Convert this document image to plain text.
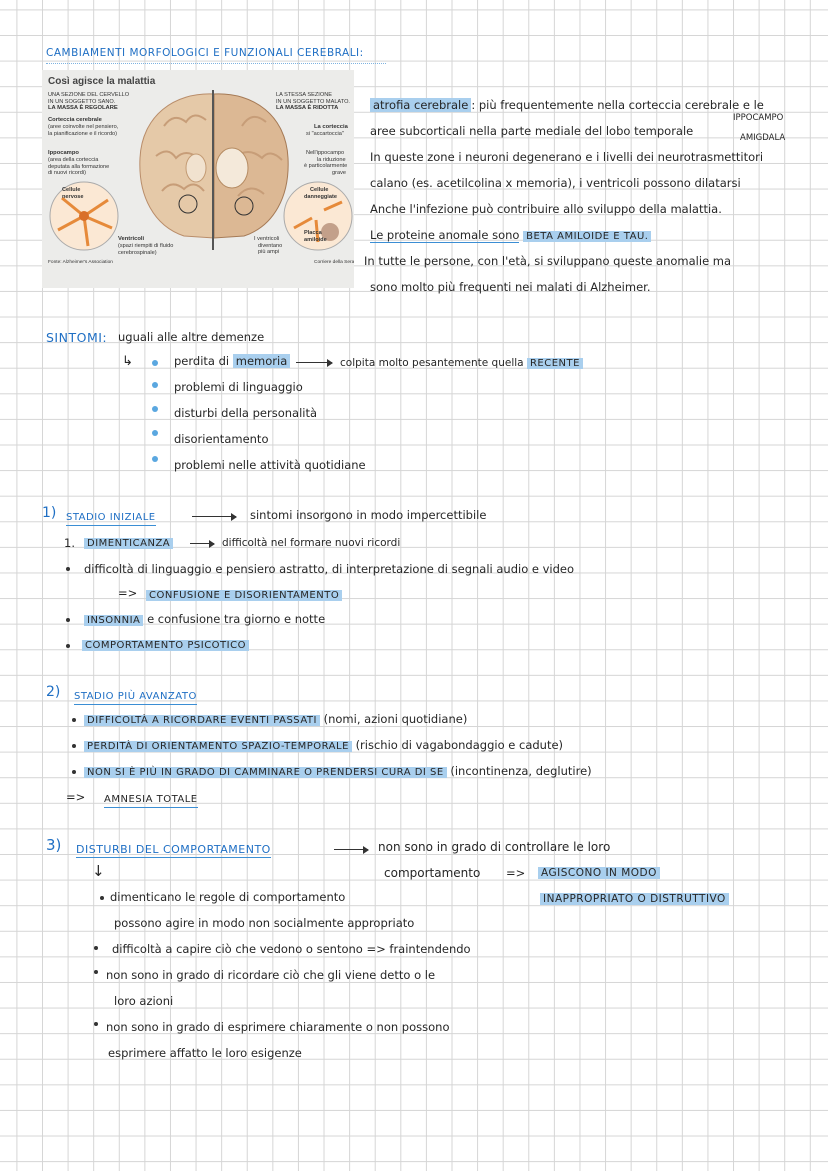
CAMBIAMENTI MORFOLOGICI E FUNZIONALI CEREBRALI:
Così agisce la malattia
UNA SEZIONE DEL CERVELLO
IN UN SOGGETTO SANO.
LA MASSA È REGOLARE
LA STESSA SEZIONE
IN UN SOGGETTO MALATO.
LA MASSA È RIDOTTA
Corteccia cerebrale
(aree coinvolte nel pensiero,
la pianificazione e il ricordo)
Ippocampo
(area della corteccia
deputata alla formazione
di nuovi ricordi)
La corteccia
si "accartoccia"
Nell'ippocampo
la riduzione
è particolarmente
grave
Cellule
nervose
Cellule
danneggiate
Placca
amiloide
Ventricoli
(spazi riempiti di fluido
cerebrospinale)
I ventricoli
diventano
più ampi
Fonte: Alzheimer's Association	Corriere della Sera
atrofia cerebrale : più frequentemente nella corteccia cerebrale e le
aree subcorticali nella parte mediale del lobo temporale
IPPOCAMPO
AMIGDALA
In queste zone i neuroni degenerano e i livelli dei neurotrasmettitori
calano (es. acetilcolina x memoria), i ventricoli possono dilatarsi
Anche l'infezione può contribuire allo sviluppo della malattia.
Le proteine anomale sono BETA AMILOIDE E TAU.
In tutte le persone, con l'età, si sviluppano queste anomalie ma
sono molto più frequenti nei malati di Alzheimer.
SINTOMI: uguali alle altre demenze
↳	perdita di memoria	colpita molto pesantemente quella RECENTE
problemi di linguaggio
disturbi della personalità
disorientamento
problemi nelle attività quotidiane
1) STADIO INIZIALE	sintomi insorgono in modo impercettibile
1.	DIMENTICANZA	difficoltà nel formare nuovi ricordi
difficoltà di linguaggio e pensiero astratto, di interpretazione di segnali audio e video
=>	CONFUSIONE E DISORIENTAMENTO
INSONNIA e confusione tra giorno e notte
COMPORTAMENTO PSICOTICO
2) STADIO PIÙ AVANZATO
DIFFICOLTÀ A RICORDARE EVENTI PASSATI (nomi, azioni quotidiane)
PERDITÀ DI ORIENTAMENTO SPAZIO-TEMPORALE (rischio di vagabondaggio e cadute)
NON SI È PIÙ IN GRADO DI CAMMINARE O PRENDERSI CURA DI SE (incontinenza, deglutire)
=> AMNESIA TOTALE
3) DISTURBI DEL COMPORTAMENTO	non sono in grado di controllare le loro
comportamento => AGISCONO IN MODO
INAPPROPRIATO O DISTRUTTIVO
↓
dimenticano le regole di comportamento
possono agire in modo non socialmente appropriato
difficoltà a capire ciò che vedono o sentono => fraintendendo
non sono in grado di ricordare ciò che gli viene detto o le
loro azioni
non sono in grado di esprimere chiaramente o non possono
esprimere affatto le loro esigenze
